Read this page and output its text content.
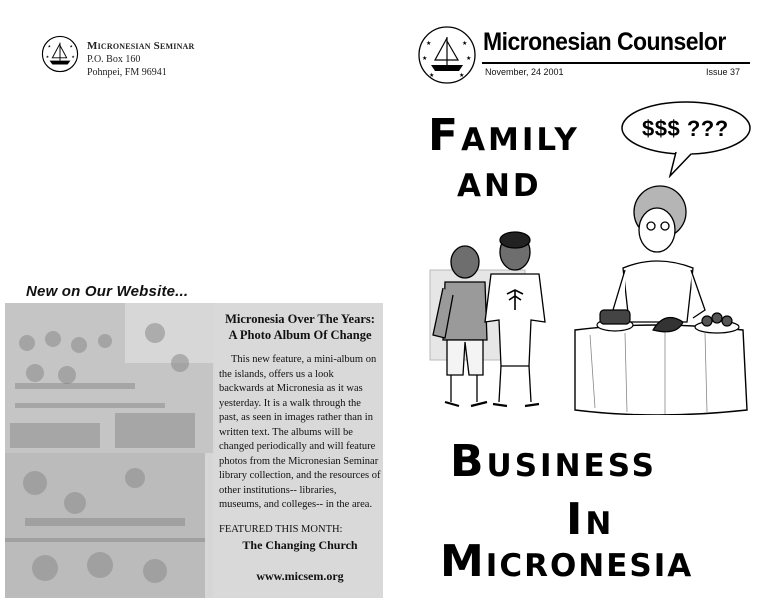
★	★
★	★
Micronesian Seminar
P.O. Box 160
Pohnpei, FM 96941
New on Our Website...
Micronesia Over The Years:
A Photo Album Of Change

This new feature, a mini-album on the islands, offers us a look backwards at Micronesia as it was yesterday. It is a walk through the past, as seen in images rather than in written text. The albums will be changed periodically and will feature photos from the Micronesian Seminar library collection, and the resources of other institutions-- libraries, museums, and colleges-- in the area.

FEATURED THIS MONTH:
The Changing Church
www.micsem.org
★	★
★	★
★	★
Micronesian Counselor
November, 24 2001	Issue 37
FAMILY
AND
BUSINESS
IN
MICRONESIA
$$$ ???
